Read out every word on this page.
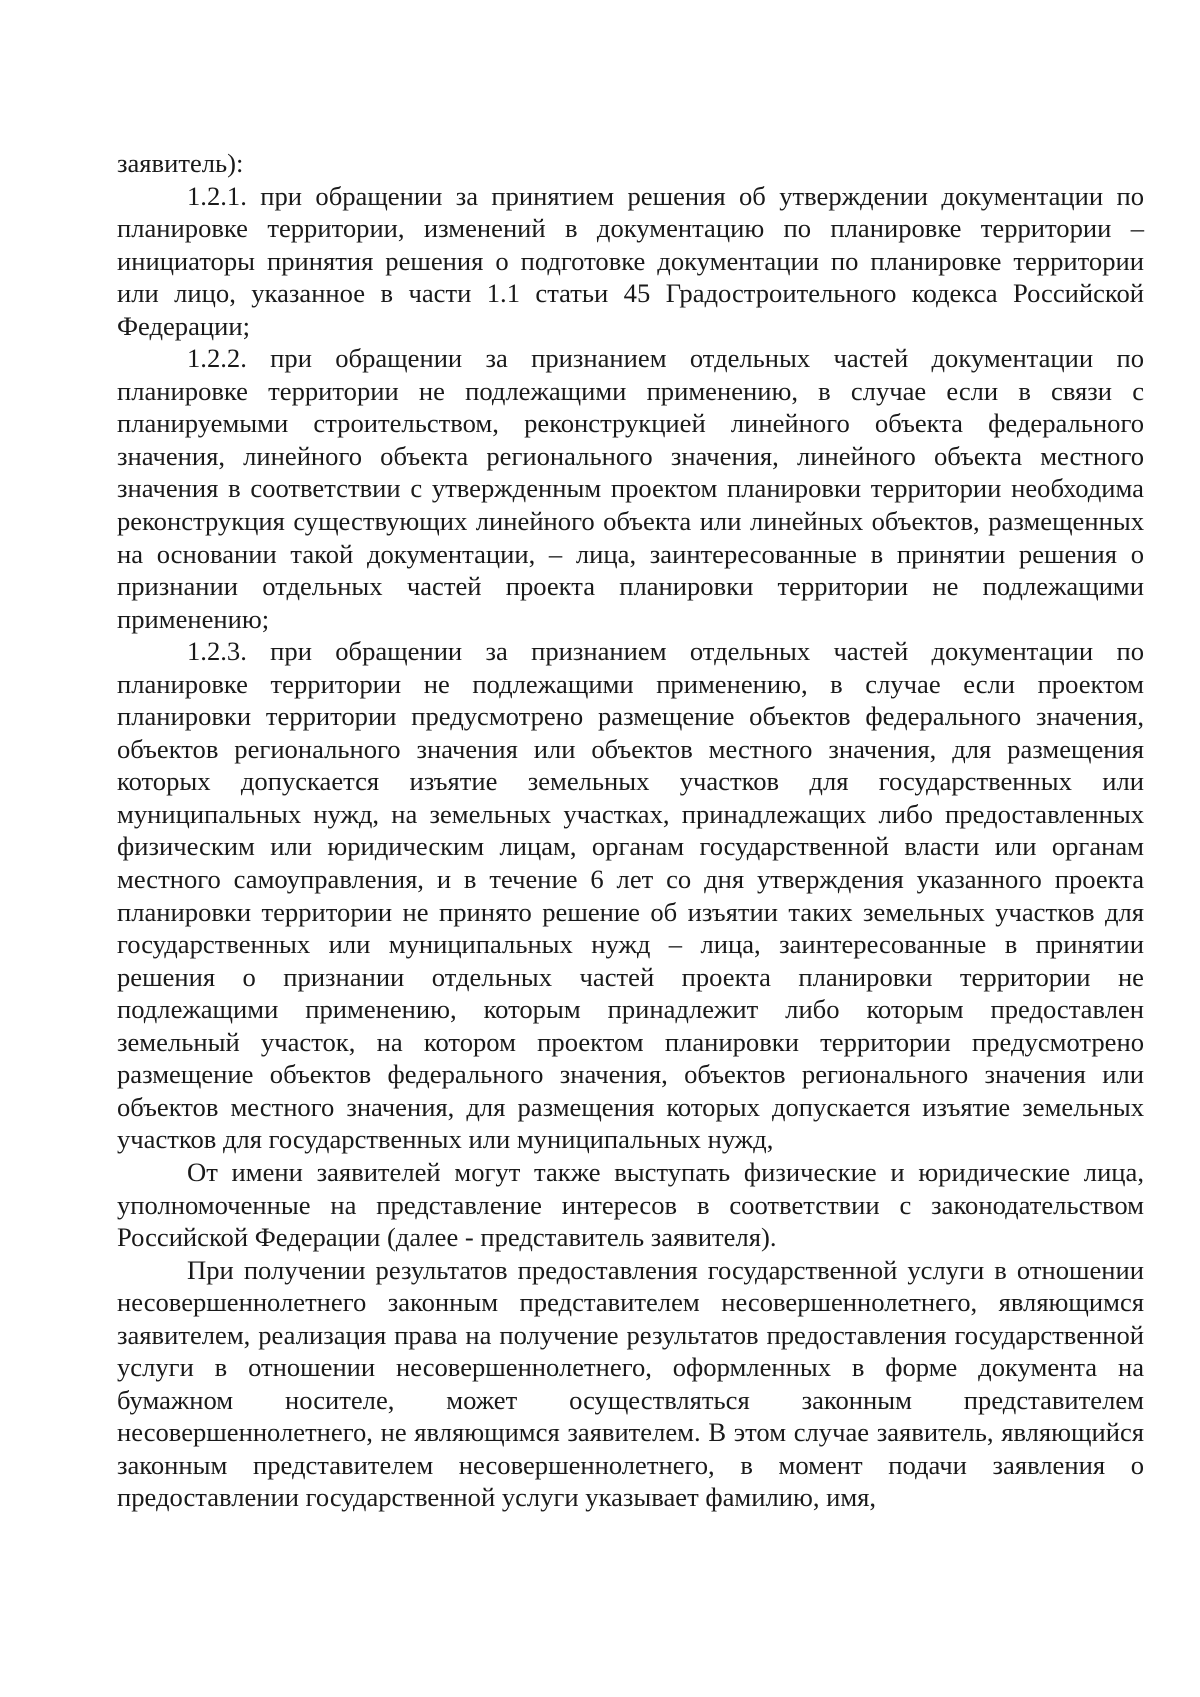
заявитель):

1.2.1. при обращении за принятием решения об утверждении документации по планировке территории, изменений в документацию по планировке территории – инициаторы принятия решения о подготовке документации по планировке территории или лицо, указанное в части 1.1 статьи 45 Градостроительного кодекса Российской Федерации;

1.2.2. при обращении за признанием отдельных частей документации по планировке территории не подлежащими применению, в случае если в связи с планируемыми строительством, реконструкцией линейного объекта федерального значения, линейного объекта регионального значения, линейного объекта местного значения в соответствии с утвержденным проектом планировки территории необходима реконструкция существующих линейного объекта или линейных объектов, размещенных на основании такой документации, – лица, заинтересованные в принятии решения о признании отдельных частей проекта планировки территории не подлежащими применению;

1.2.3. при обращении за признанием отдельных частей документации по планировке территории не подлежащими применению, в случае если проектом планировки территории предусмотрено размещение объектов федерального значения, объектов регионального значения или объектов местного значения, для размещения которых допускается изъятие земельных участков для государственных или муниципальных нужд, на земельных участках, принадлежащих либо предоставленных физическим или юридическим лицам, органам государственной власти или органам местного самоуправления, и в течение 6 лет со дня утверждения указанного проекта планировки территории не принято решение об изъятии таких земельных участков для государственных или муниципальных нужд – лица, заинтересованные в принятии решения о признании отдельных частей проекта планировки территории не подлежащими применению, которым принадлежит либо которым предоставлен земельный участок, на котором проектом планировки территории предусмотрено размещение объектов федерального значения, объектов регионального значения или объектов местного значения, для размещения которых допускается изъятие земельных участков для государственных или муниципальных нужд,

От имени заявителей могут также выступать физические и юридические лица, уполномоченные на представление интересов в соответствии с законодательством Российской Федерации (далее - представитель заявителя).

При получении результатов предоставления государственной услуги в отношении несовершеннолетнего законным представителем несовершеннолетнего, являющимся заявителем, реализация права на получение результатов предоставления государственной услуги в отношении несовершеннолетнего, оформленных в форме документа на бумажном носителе, может осуществляться законным представителем несовершеннолетнего, не являющимся заявителем. В этом случае заявитель, являющийся законным представителем несовершеннолетнего, в момент подачи заявления о предоставлении государственной услуги указывает фамилию, имя,
